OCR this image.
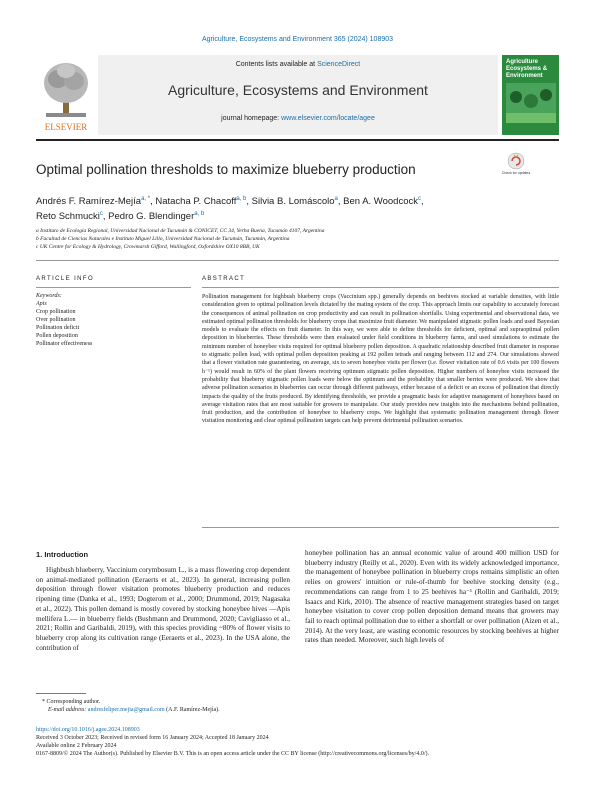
Agriculture, Ecosystems and Environment 365 (2024) 108903
ELSEVIER
Contents lists available at ScienceDirect
Agriculture, Ecosystems and Environment
journal homepage: www.elsevier.com/locate/agee
Agriculture Ecosystems & Environment
Optimal pollination thresholds to maximize blueberry production	Check for updates
Andrés F. Ramírez-Mejía$^{a, *}$, Natacha P. Chacoff$^{a, b}$, Silvia B. Lomáscolo$^a$, Ben A. Woodcock$^c$,
Reto Schmucki$^c$, Pedro G. Blendinger$^{a, b}$
a Instituto de Ecología Regional, Universidad Nacional de Tucumán & CONICET, CC 34, Yerba Buena, Tucumán 4107, Argentina
b Facultad de Ciencias Naturales e Instituto Miguel Lillo, Universidad Nacional de Tucumán, Tucumán, Argentina
c UK Centre for Ecology & Hydrology, Crowmarsh Gifford, Wallingford, Oxfordshire OX10 8BB, UK
ARTICLE INFO	ABSTRACT
Keywords:
Apis
Crop pollination
Over pollination
Pollination deficit
Pollen deposition
Pollinator effectiveness
Pollination management for highbush blueberry crops (Vaccinium spp.) generally depends on beehives stocked at variable densities, with little consideration given to optimal pollination levels dictated by the mating system of the crop. This approach limits our capability to accurately forecast the consequences of animal pollination on crop productivity and can result in pollination shortfalls. Using experimental and observational data, we estimated optimal pollination thresholds for blueberry crops that maximize fruit diameter. We manipulated stigmatic pollen loads and used Bayesian models to evaluate the effects on fruit diameter. In this way, we were able to define thresholds for deficient, optimal and supraoptimal pollen deposition in blueberries. These thresholds were then evaluated under field conditions in blueberry farms, and used simulations to estimate the minimum number of honeybee visits required for optimal blueberry pollen deposition. A quadratic relationship described fruit diameter in response to stigmatic pollen load, with optimal pollen deposition peaking at 192 pollen tetrads and ranging between 112 and 274. Our simulations showed that a flower visitation rate guaranteeing, on average, six to seven honeybee visits per flower (i.e. flower visitation rate of 0.6 visits per 100 flowers h⁻¹) would result in 60% of the plant flowers receiving optimum stigmatic pollen deposition. Higher numbers of honeybee visits increased the probability that blueberry stigmatic pollen loads were below the optimum and the probability that smaller berries were produced. We show that adverse pollination scenarios in blueberries can occur through different pathways, either because of a deficit or an excess of pollination that directly impacts the quality of the fruits produced. By identifying thresholds, we provide a pragmatic basis for adaptive management of honeybees based on average visitation rates that are most suitable for growers to manipulate. Our study provides new insights into the mechanisms behind pollination, fruit production, and the contribution of honeybee to blueberry crops. We highlight that systematic pollination management through flower visitation monitoring and clear optimal pollination targets can help prevent detrimental pollination scenarios.
1. Introduction
Highbush blueberry, Vaccinium corymbosum L., is a mass flowering crop dependent on animal-mediated pollination (Eeraerts et al., 2023). In general, increasing pollen deposition through flower visitation promotes blueberry production and reduces ripening time (Danka et al., 1993; Dogterom et al., 2000; Drummond, 2019; Nagasaka et al., 2022). This pollen demand is mostly covered by stocking honeybee hives —Apis mellifera L.— in blueberry fields (Bushmann and Drummond, 2020; Cavigliasso et al., 2021; Rollin and Garibaldi, 2019), with this species providing ~80% of flower visits to blueberry crop along its cultivation range (Eeraerts et al., 2023). In the USA alone, the contribution of
honeybee pollination has an annual economic value of around 400 million USD for blueberry industry (Reilly et al., 2020). Even with its widely acknowledged importance, the management of honeybee pollination in blueberry crops remains simplistic an often relies on growers' intuition or rule-of-thumb for beehive stocking density (e.g., recommendations can range from 1 to 25 beehives ha⁻¹ (Rollin and Garibaldi, 2019; Isaacs and Kirk, 2010). The absence of reactive management strategies based on target honeybee visitation to cover crop pollen deposition demand means that growers may fail to reach optimal pollination due to either a shortfall or over pollination (Aizen et al., 2014). At the very least, are wasting economic resources by stocking beehives at higher rates than needed. Moreover, such high levels of
* Corresponding author.
E-mail address: andresfeliper.mejia@gmail.com (A.F. Ramírez-Mejía).
https://doi.org/10.1016/j.agee.2024.108903
Received 3 October 2023; Received in revised form 16 January 2024; Accepted 18 January 2024
Available online 2 February 2024
0167-8809/© 2024 The Author(s). Published by Elsevier B.V. This is an open access article under the CC BY license (http://creativecommons.org/licenses/by/4.0/).
